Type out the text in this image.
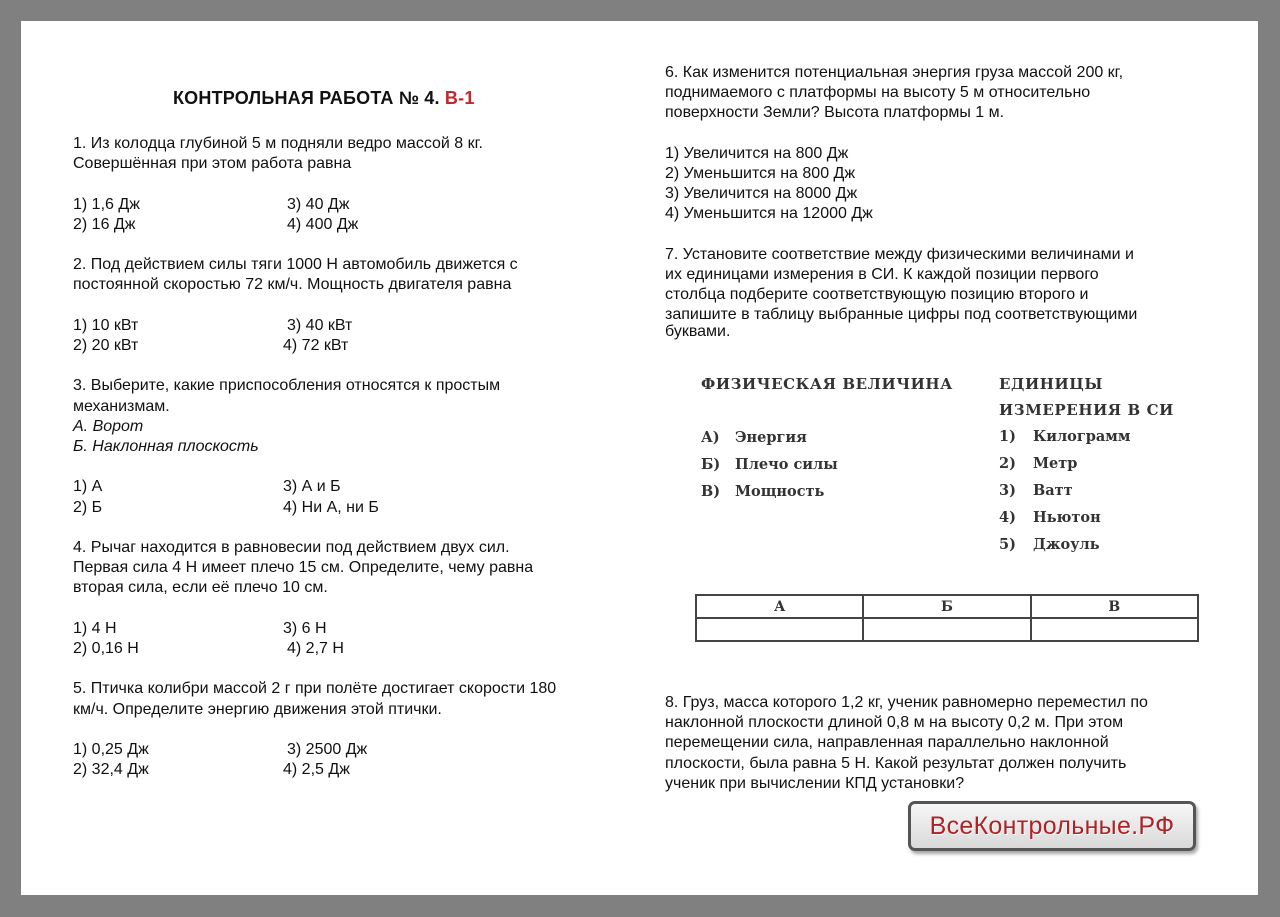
КОНТРОЛЬНАЯ РАБОТА № 4. В-1
1. Из колодца глубиной 5 м подняли ведро массой 8 кг.
Совершённая при этом работа равна
1) 1,6 Дж	3) 40 Дж
2) 16 Дж	4) 400 Дж
2. Под действием силы тяги 1000 Н автомобиль движется с
постоянной скоростью 72 км/ч. Мощность двигателя равна
1) 10 кВт	3) 40 кВт
2) 20 кВт	4) 72 кВт
3. Выберите, какие приспособления относятся к простым
механизмам.
А. Ворот
Б. Наклонная плоскость
1) А	3) А и Б
2) Б	4) Ни А, ни Б
4. Рычаг находится в равновесии под действием двух сил.
Первая сила 4 Н имеет плечо 15 см. Определите, чему равна
вторая сила, если её плечо 10 см.
1) 4 Н	3) 6 Н
2) 0,16 Н	4) 2,7 Н
5. Птичка колибри массой 2 г при полёте достигает скорости 180
км/ч. Определите энергию движения этой птички.
1) 0,25 Дж	3) 2500 Дж
2) 32,4 Дж	4) 2,5 Дж
6. Как изменится потенциальная энергия груза массой 200 кг,
поднимаемого с платформы на высоту 5 м относительно
поверхности Земли? Высота платформы 1 м.
1) Увеличится на 800 Дж
2) Уменьшится на 800 Дж
3) Увеличится на 8000 Дж
4) Уменьшится на 12000 Дж
7. Установите соответствие между физическими величинами и
их единицами измерения в СИ. К каждой позиции первого
столбца подберите соответствующую позицию второго и
запишите в таблицу выбранные цифры под соответствующими
буквами.
8. Груз, масса которого 1,2 кг, ученик равномерно переместил по
наклонной плоскости длиной 0,8 м на высоту 0,2 м. При этом
перемещении сила, направленная параллельно наклонной
плоскости, была равна 5 Н. Какой результат должен получить
ученик при вычислении КПД установки?
ФИЗИЧЕСКАЯ ВЕЛИЧИНА	ЕДИНИЦЫ
ИЗМЕРЕНИЯ В СИ
А) Энергия
Б) Плечо силы
В) Мощность
1) Килограмм
2) Метр
3) Ватт
4) Ньютон
5) Джоуль
А	Б	В

ВсеКонтрольные.РФ
